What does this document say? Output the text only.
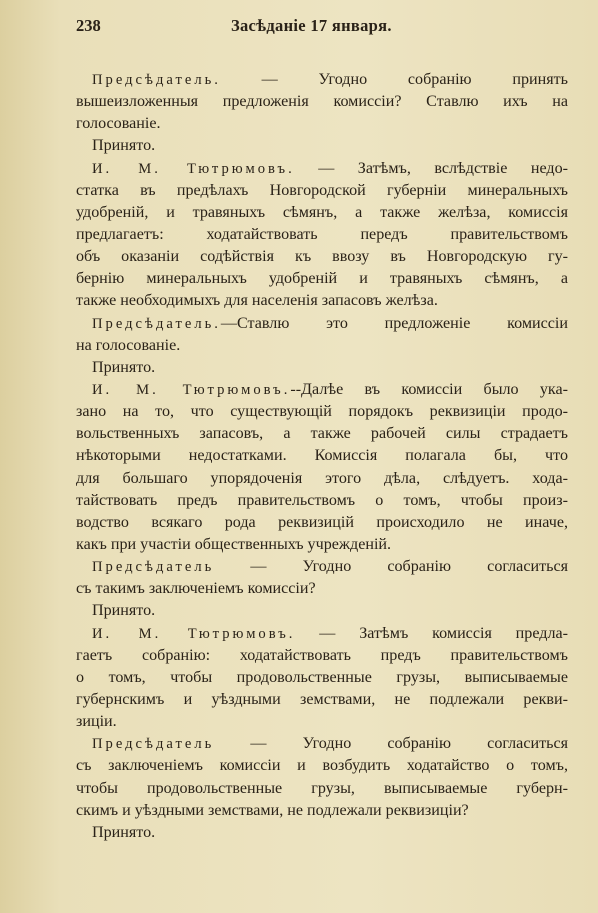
238	Засѣданіе 17 января.
Предсѣдатель. — Угодно собранію принять
вышеизложенныя предложенія комиссіи? Ставлю ихъ на
голосованіе.
Принято.
И. М. Тютрюмовъ. — Затѣмъ, вслѣдствіе недо-
статка въ предѣлахъ Новгородской губерніи минеральныхъ
удобреній, и травяныхъ сѣмянъ, а также желѣза, комиссія
предлагаетъ: ходатайствовать передъ правительствомъ
объ оказаніи содѣйствія къ ввозу въ Новгородскую гу-
бернію минеральныхъ удобреній и травяныхъ сѣмянъ, а
также необходимыхъ для населенія запасовъ желѣза.
Предсѣдатель.—Ставлю это предложеніе комиссіи
на голосованіе.
Принято.
И. М. Тютрюмовъ.--Далѣе въ комиссіи было ука-
зано на то, что существующій порядокъ реквизиціи продо-
вольственныхъ запасовъ, а также рабочей силы страдаетъ
нѣкоторыми недостатками. Комиссія полагала бы, что
для большаго упорядоченія этого дѣла, слѣдуетъ. хода-
тайствовать предъ правительствомъ о томъ, чтобы произ-
водство всякаго рода реквизицій происходило не иначе,
какъ при участіи общественныхъ учрежденій.
Предсѣдатель — Угодно собранію согласиться
съ такимъ заключеніемъ комиссіи?
Принято.
И. М. Тютрюмовъ. — Затѣмъ комиссія предла-
гаетъ собранію: ходатайствовать предъ правительствомъ
о томъ, чтобы продовольственные грузы, выписываемые
губернскимъ и уѣздными земствами, не подлежали рекви-
зиціи.
Предсѣдатель — Угодно собранію согласиться
съ заключеніемъ комиссіи и возбудить ходатайство о томъ,
чтобы продовольственные грузы, выписываемые губерн-
скимъ и уѣздными земствами, не подлежали реквизиціи?
Принято.
